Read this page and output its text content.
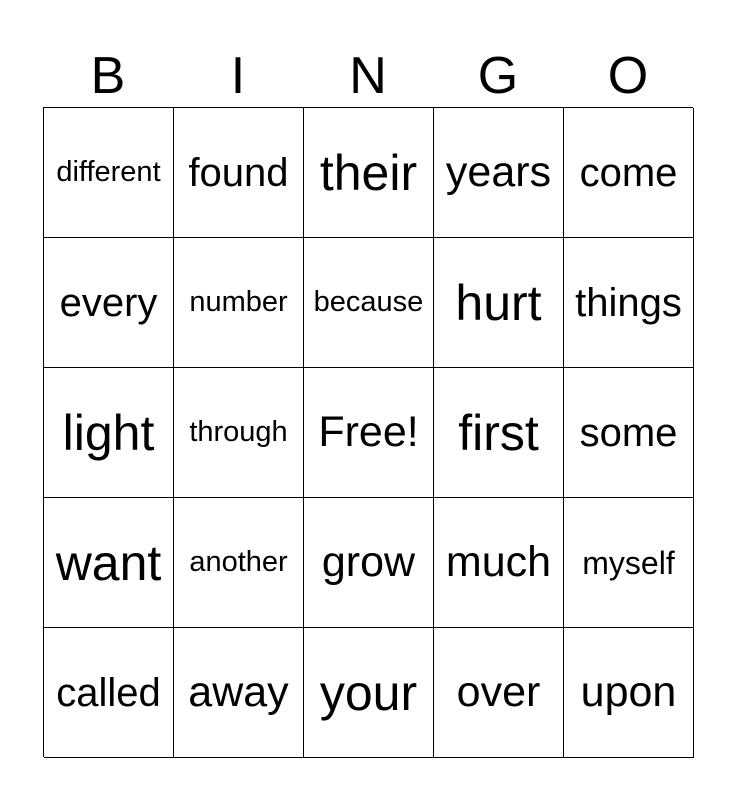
B	I	N	G	O
different found their years come
every	number because hurt things
light	through Free! first	some
want another grow much myself
called away your over upon
